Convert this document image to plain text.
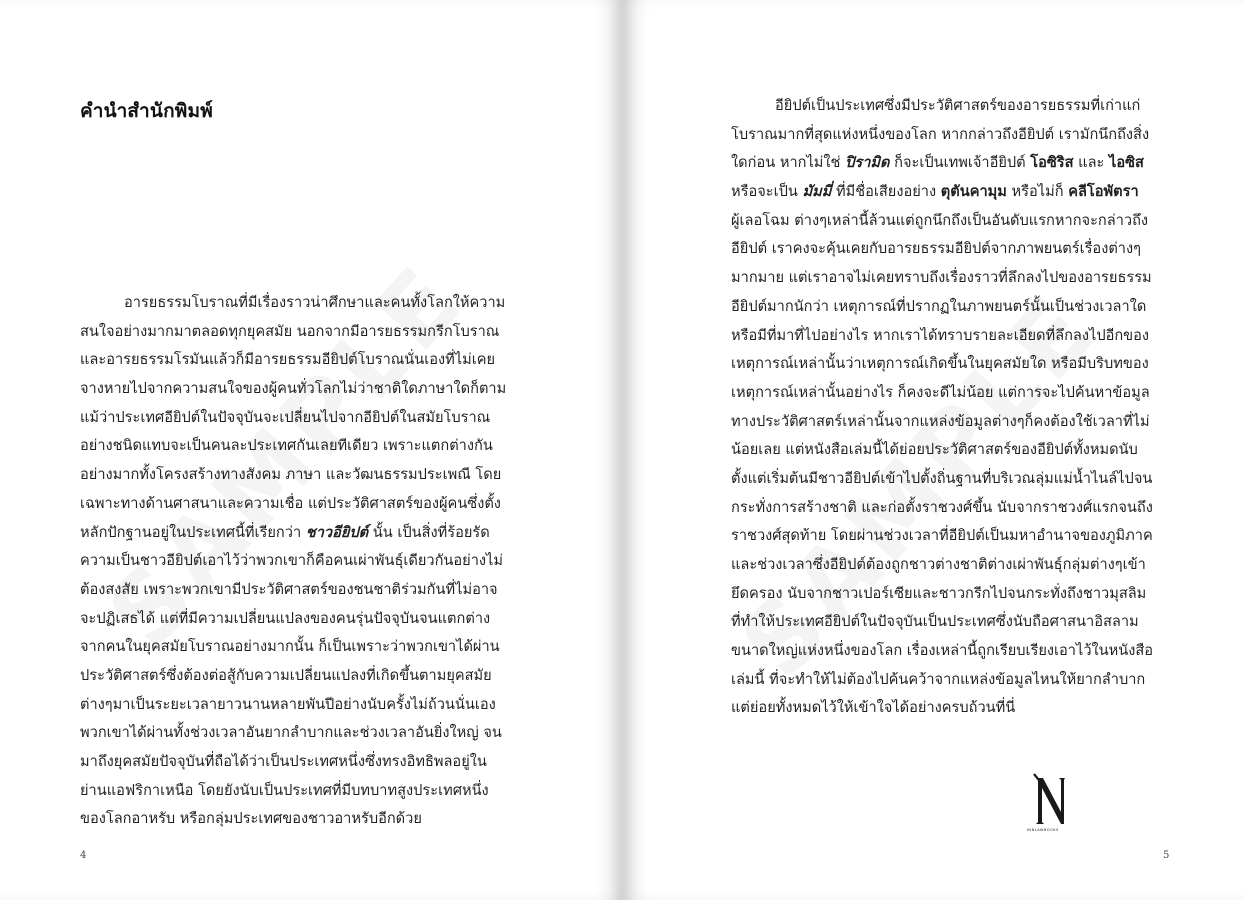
คำนำสำนักพิมพ์
อารยธรรมโบราณที่มีเรื่องราวน่าศึกษาและคนทั้งโลกให้ความ
สนใจอย่างมากมาตลอดทุกยุคสมัย นอกจากมีอารยธรรมกรีกโบราณ
และอารยธรรมโรมันแล้วก็มีอารยธรรมอียิปต์โบราณนั่นเองที่ไม่เคย
จางหายไปจากความสนใจของผู้คนทั่วโลกไม่ว่าชาติใดภาษาใดก็ตาม
แม้ว่าประเทศอียิปต์ในปัจจุบันจะเปลี่ยนไปจากอียิปต์ในสมัยโบราณ
อย่างชนิดแทบจะเป็นคนละประเทศกันเลยทีเดียว เพราะแตกต่างกัน
อย่างมากทั้งโครงสร้างทางสังคม ภาษา และวัฒนธรรมประเพณี โดย
เฉพาะทางด้านศาสนาและความเชื่อ แต่ประวัติศาสตร์ของผู้คนซึ่งตั้ง
หลักปักฐานอยู่ในประเทศนี้ที่เรียกว่า ชาวอียิปต์ นั้น เป็นสิ่งที่ร้อยรัด
ความเป็นชาวอียิปต์เอาไว้ว่าพวกเขาก็คือคนเผ่าพันธุ์เดียวกันอย่างไม่
ต้องสงสัย เพราะพวกเขามีประวัติศาสตร์ของชนชาติร่วมกันที่ไม่อาจ
จะปฏิเสธได้ แต่ที่มีความเปลี่ยนแปลงของคนรุ่นปัจจุบันจนแตกต่าง
จากคนในยุคสมัยโบราณอย่างมากนั้น ก็เป็นเพราะว่าพวกเขาได้ผ่าน
ประวัติศาสตร์ซึ่งต้องต่อสู้กับความเปลี่ยนแปลงที่เกิดขึ้นตามยุคสมัย
ต่างๆมาเป็นระยะเวลายาวนานหลายพันปีอย่างนับครั้งไม่ถ้วนนั่นเอง
พวกเขาได้ผ่านทั้งช่วงเวลาอันยากลำบากและช่วงเวลาอันยิ่งใหญ่ จน
มาถึงยุคสมัยปัจจุบันที่ถือได้ว่าเป็นประเทศหนึ่งซึ่งทรงอิทธิพลอยู่ใน
ย่านแอฟริกาเหนือ โดยยังนับเป็นประเทศที่มีบทบาทสูงประเทศหนึ่ง
ของโลกอาหรับ หรือกลุ่มประเทศของชาวอาหรับอีกด้วย
4
อียิปต์เป็นประเทศซึ่งมีประวัติศาสตร์ของอารยธรรมที่เก่าแก่
โบราณมากที่สุดแห่งหนึ่งของโลก หากกล่าวถึงอียิปต์ เรามักนึกถึงสิ่ง
ใดก่อน หากไม่ใช่ ปิรามิด ก็จะเป็นเทพเจ้าอียิปต์ โอซิริส และ ไอซิส
หรือจะเป็น มัมมี่ ที่มีชื่อเสียงอย่าง ตุตันคามุม หรือไม่ก็ คลีโอพัตรา
ผู้เลอโฉม ต่างๆเหล่านี้ล้วนแต่ถูกนึกถึงเป็นอันดับแรกหากจะกล่าวถึง
อียิปต์ เราคงจะคุ้นเคยกับอารยธรรมอียิปต์จากภาพยนตร์เรื่องต่างๆ
มากมาย แต่เราอาจไม่เคยทราบถึงเรื่องราวที่ลึกลงไปของอารยธรรม
อียิปต์มากนักว่า เหตุการณ์ที่ปรากฏในภาพยนตร์นั้นเป็นช่วงเวลาใด
หรือมีที่มาที่ไปอย่างไร หากเราได้ทราบรายละเอียดที่ลึกลงไปอีกของ
เหตุการณ์เหล่านั้นว่าเหตุการณ์เกิดขึ้นในยุคสมัยใด หรือมีบริบทของ
เหตุการณ์เหล่านั้นอย่างไร ก็คงจะดีไม่น้อย แต่การจะไปค้นหาข้อมูล
ทางประวัติศาสตร์เหล่านั้นจากแหล่งข้อมูลต่างๆก็คงต้องใช้เวลาที่ไม่
น้อยเลย แต่หนังสือเล่มนี้ได้ย่อยประวัติศาสตร์ของอียิปต์ทั้งหมดนับ
ตั้งแต่เริ่มต้นมีชาวอียิปต์เข้าไปตั้งถิ่นฐานที่บริเวณลุ่มแม่น้ำไนล์ไปจน
กระทั่งการสร้างชาติ และก่อตั้งราชวงศ์ขึ้น นับจากราชวงศ์แรกจนถึง
ราชวงศ์สุดท้าย โดยผ่านช่วงเวลาที่อียิปต์เป็นมหาอำนาจของภูมิภาค
และช่วงเวลาซึ่งอียิปต์ต้องถูกชาวต่างชาติต่างเผ่าพันธุ์กลุ่มต่างๆเข้า
ยึดครอง นับจากชาวเปอร์เซียและชาวกรีกไปจนกระทั่งถึงชาวมุสลิม
ที่ทำให้ประเทศอียิปต์ในปัจจุบันเป็นประเทศซึ่งนับถือศาสนาอิสลาม
ขนาดใหญ่แห่งหนึ่งของโลก เรื่องเหล่านี้ถูกเรียบเรียงเอาไว้ในหนังสือ
เล่มนี้ ที่จะทำให้ไม่ต้องไปค้นคว้าจากแหล่งข้อมูลไหนให้ยากลำบาก
แต่ย่อยทั้งหมดไว้ให้เข้าใจได้อย่างครบถ้วนที่นี่
N
NINLAWBOOKS
5
